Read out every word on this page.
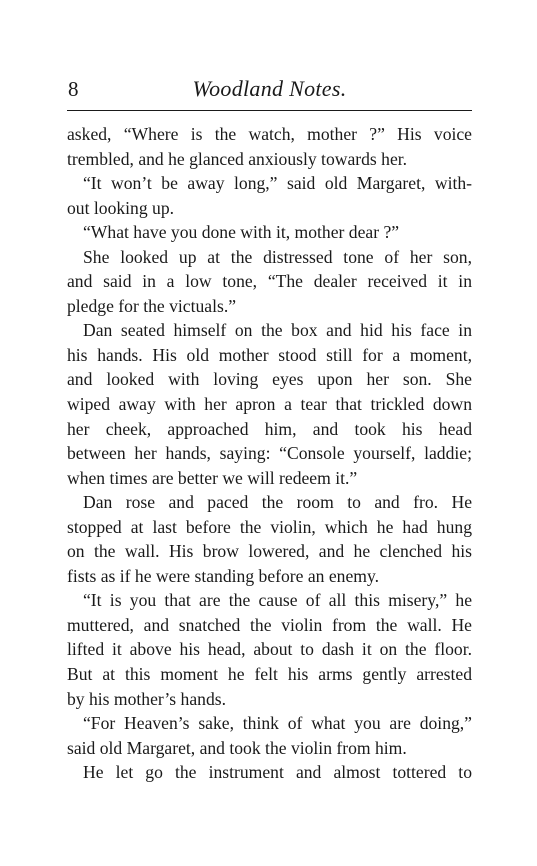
8	Woodland Notes.
asked, “Where is the watch, mother ?” His voice
trembled, and he glanced anxiously towards her.
“It won’t be away long,” said old Margaret, with-
out looking up.
“What have you done with it, mother dear ?”
She looked up at the distressed tone of her son,
and said in a low tone, “The dealer received it in
pledge for the victuals.”
Dan seated himself on the box and hid his face in
his hands. His old mother stood still for a moment,
and looked with loving eyes upon her son. She
wiped away with her apron a tear that trickled down
her cheek, approached him, and took his head
between her hands, saying: “Console yourself, laddie;
when times are better we will redeem it.”
Dan rose and paced the room to and fro. He
stopped at last before the violin, which he had hung
on the wall. His brow lowered, and he clenched his
fists as if he were standing before an enemy.
“It is you that are the cause of all this misery,” he
muttered, and snatched the violin from the wall. He
lifted it above his head, about to dash it on the floor.
But at this moment he felt his arms gently arrested
by his mother’s hands.
“For Heaven’s sake, think of what you are doing,”
said old Margaret, and took the violin from him.
He let go the instrument and almost tottered to
